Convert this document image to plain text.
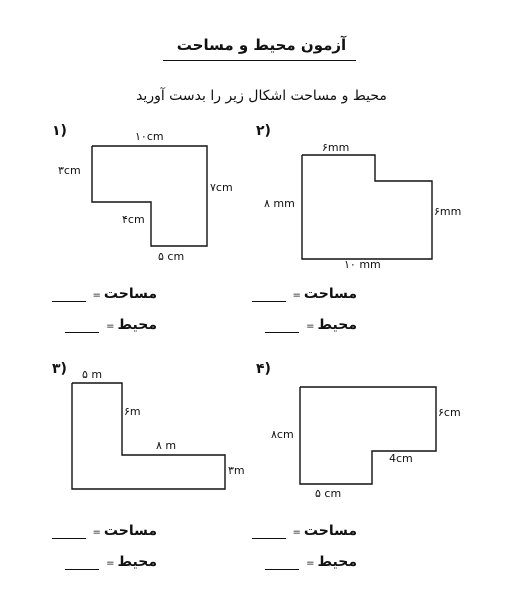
آزمون محیط و مساحت
محیط و مساحت اشکال زیر را بدست آورید
۱)	۱۰cm
۳cm
۷cm
۴cm
۵ cm
۲)
۶mm
۸ mm
۶mm
۱۰ mm
مساحت=
محیط=
مساحت=
محیط=
۳) ۵ m
۶m
۸ m
۳m
۴)
۸cm
۶cm
4cm
۵ cm
مساحت=
محیط=
مساحت=
محیط=
